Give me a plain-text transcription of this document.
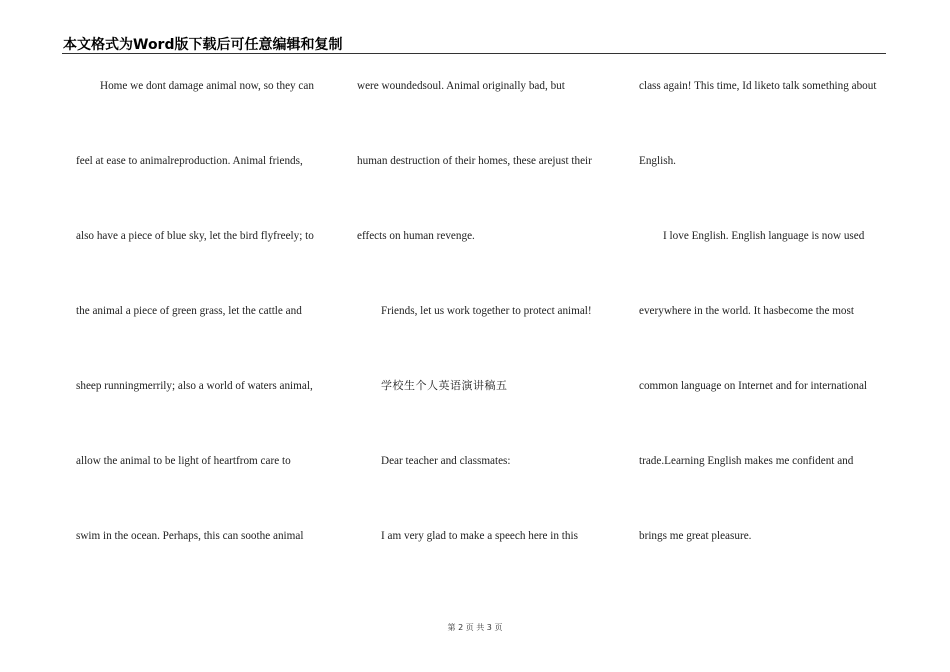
本文格式为Word版下载后可任意编辑和复制
Home we dont damage animal now, so they can
feel at ease to animalreproduction. Animal friends,
also have a piece of blue sky, let the bird flyfreely; to
the animal a piece of green grass, let the cattle and
sheep runningmerrily; also a world of waters animal,
allow the animal to be light of heartfrom care to
swim in the ocean. Perhaps, this can soothe animal
were woundedsoul. Animal originally bad, but
human destruction of their homes, these arejust their
effects on human revenge.
Friends, let us work together to protect animal!
学校生个人英语演讲稿五
Dear teacher and classmates:
I am very glad to make a speech here in this
class again! This time, Id liketo talk something about
English.
I love English. English language is now used
everywhere in the world. It hasbecome the most
common language on Internet and for international
trade.Learning English makes me confident and
brings me great pleasure.
第 2 页 共 3 页
